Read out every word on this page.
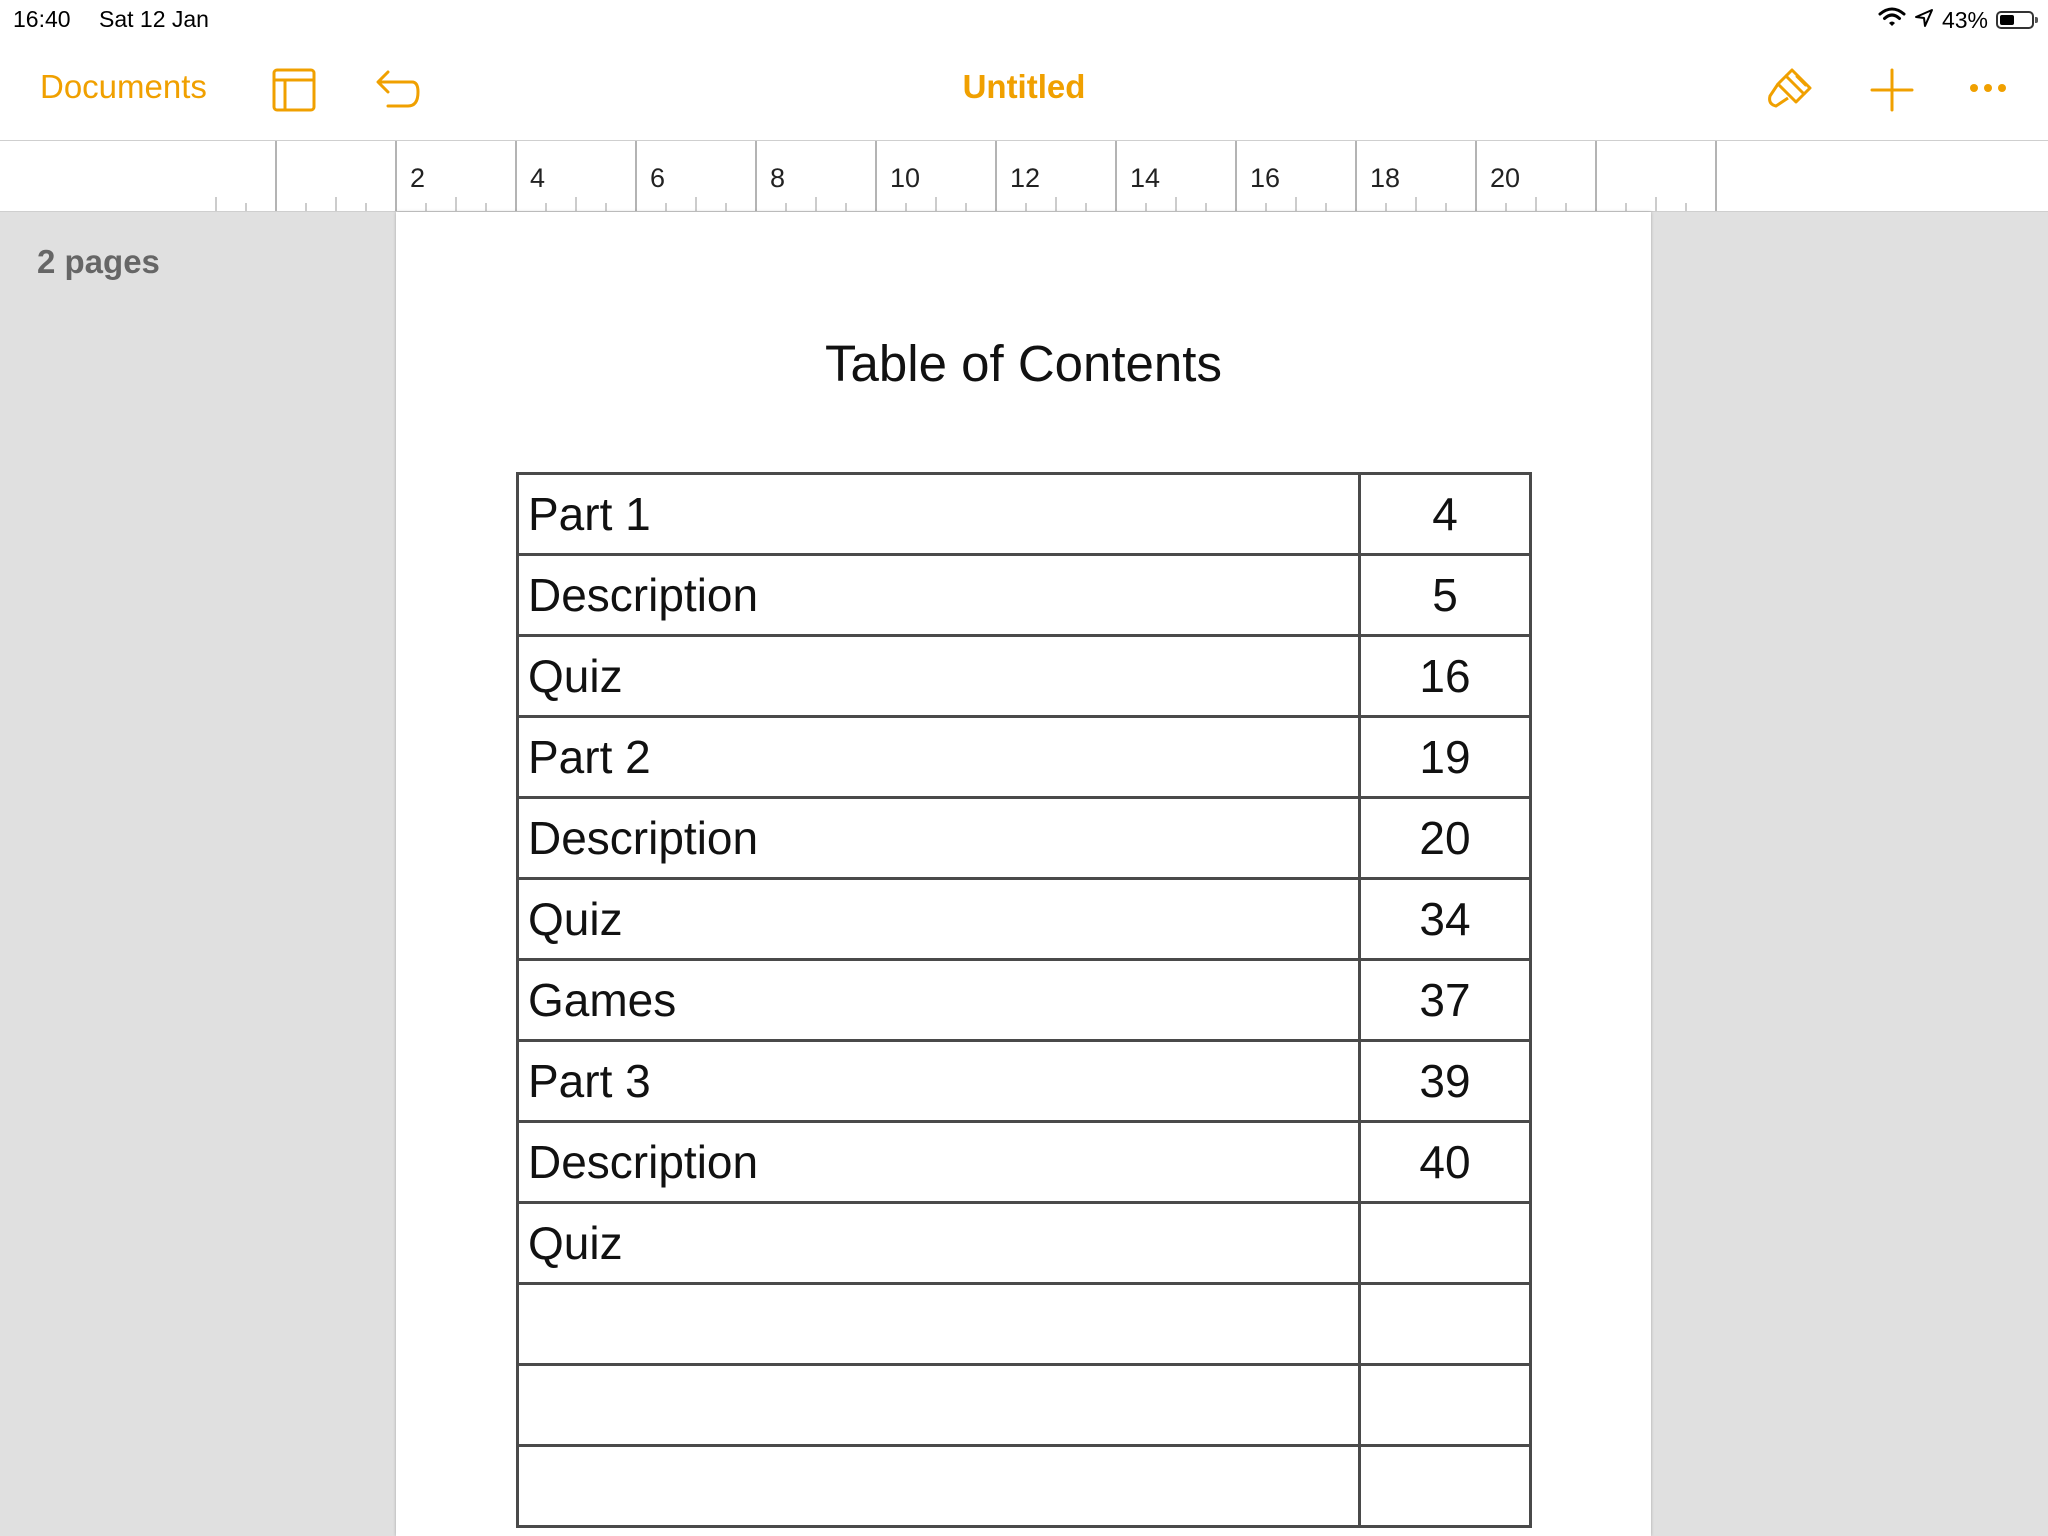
16:40 Sat 12 Jan	43%
Documents	Untitled
2	4	6	8	10	12	14	16	18	20
2 pages
Table of Contents
Part 1	4
Description	5
Quiz	16
Part 2	19
Description	20
Quiz	34
Games	37
Part 3	39
Description	40
Quiz	
